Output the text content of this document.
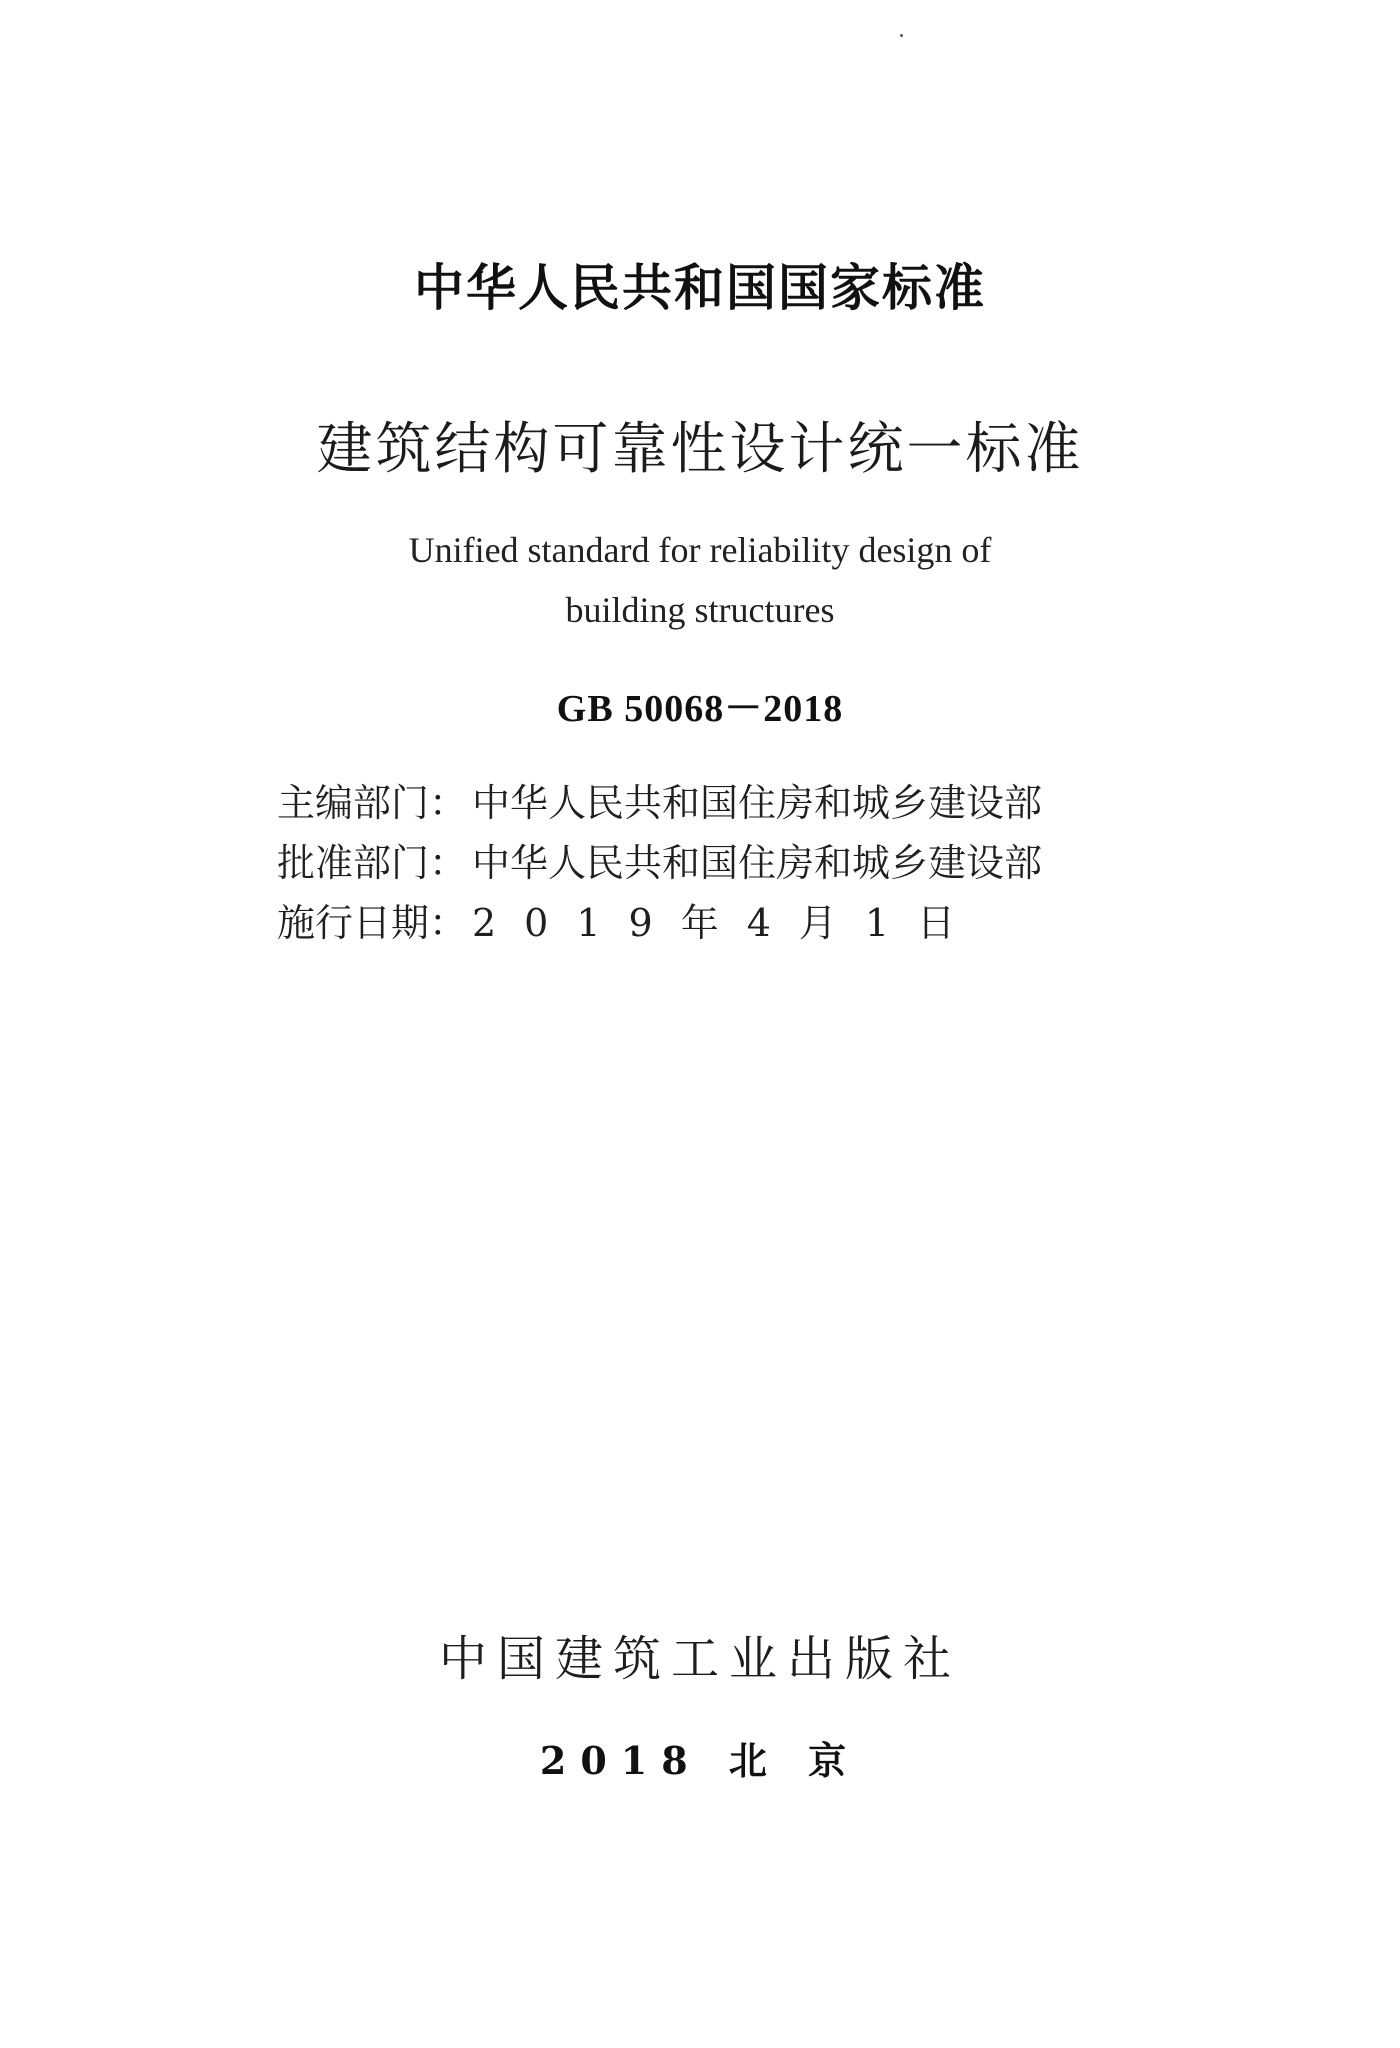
中华人民共和国国家标准
建筑结构可靠性设计统一标准
Unified standard for reliability design of
building structures
GB 50068－2018
主编部门： 中华人民共和国住房和城乡建设部
批准部门： 中华人民共和国住房和城乡建设部
施行日期： 2019年4月1日
中国建筑工业出版社
2018 北 京
